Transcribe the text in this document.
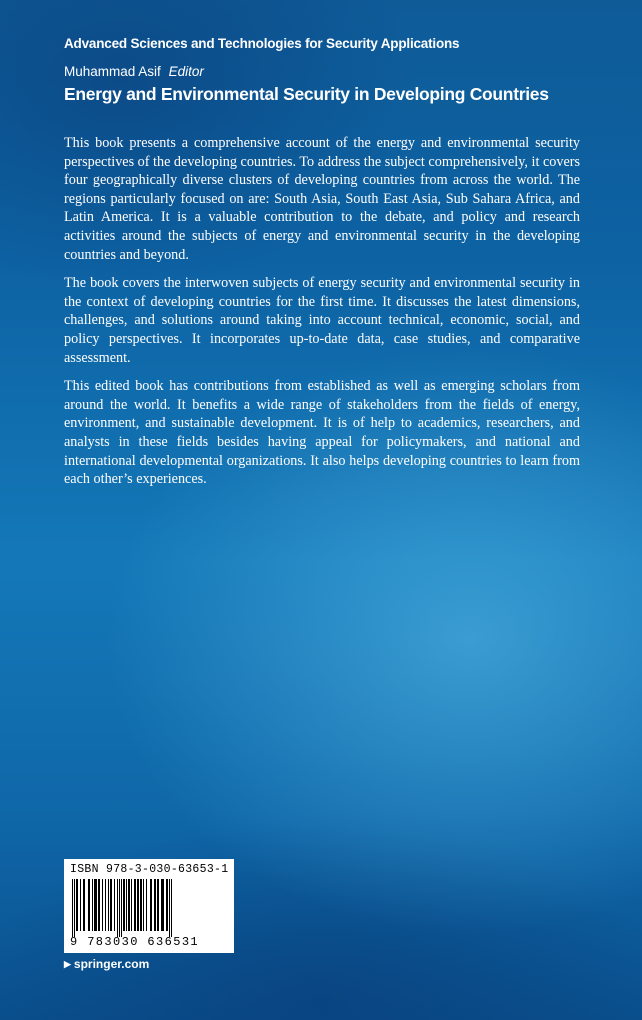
Advanced Sciences and Technologies for Security Applications
Muhammad Asif Editor
Energy and Environmental Security in Developing Countries

This book presents a comprehensive account of the energy and environmental security perspectives of the developing countries. To address the subject comprehensively, it covers four geographically diverse clusters of developing countries from across the world. The regions particularly focused on are: South Asia, South East Asia, Sub Sahara Africa, and Latin America. It is a valuable contribution to the debate, and policy and research activities around the subjects of energy and environmental security in the developing countries and beyond.

The book covers the interwoven subjects of energy security and environmental security in the context of developing countries for the first time. It discusses the latest dimensions, challenges, and solutions around taking into account technical, economic, social, and policy perspectives. It incorporates up-to-date data, case studies, and comparative assessment.

This edited book has contributions from established as well as emerging scholars from around the world. It benefits a wide range of stakeholders from the fields of energy, environment, and sustainable development. It is of help to academics, researchers, and analysts in these fields besides having appeal for policymakers, and national and international developmental organizations. It also helps developing countries to learn from each other’s experiences.

ISBN 978-3-030-63653-1
9 783030 636531
▶ springer.com
